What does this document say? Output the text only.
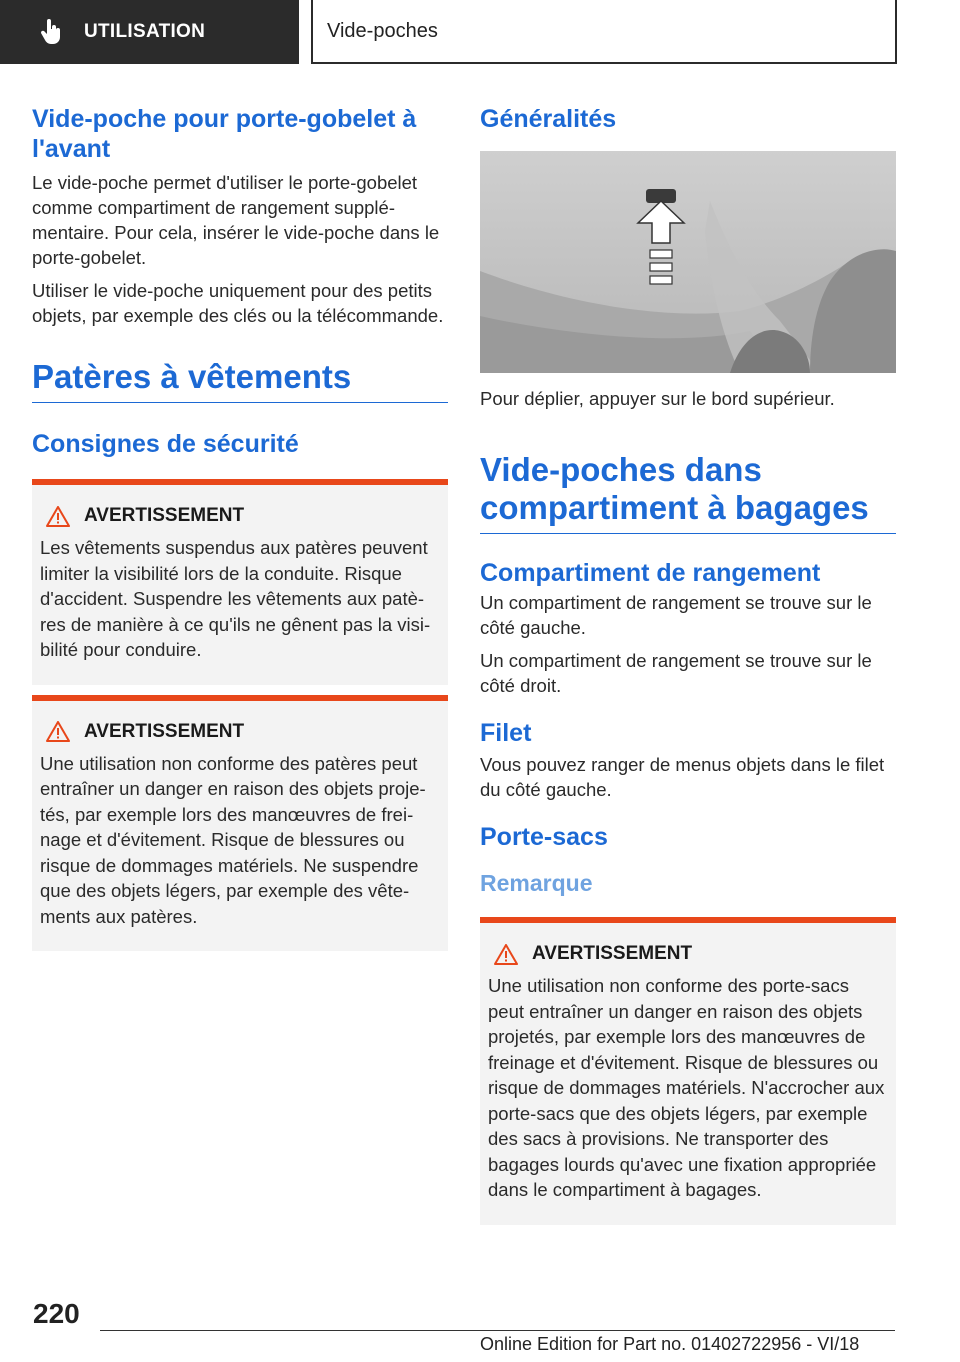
UTILISATION	Vide-poches
Vide-poche pour porte-gobelet à l'avant

Le vide-poche permet d'utiliser le porte-gobelet comme compartiment de rangement supplémentaire. Pour cela, insérer le vide-poche dans le porte-gobelet.

Utiliser le vide-poche uniquement pour des petits objets, par exemple des clés ou la télécommande.

Patères à vêtements
Consignes de sécurité
AVERTISSEMENT

Les vêtements suspendus aux patères peuvent limiter la visibilité lors de la conduite. Risque d'accident. Suspendre les vêtements aux patères de manière à ce qu'ils ne gênent pas la visibilité pour conduire.

AVERTISSEMENT

Une utilisation non conforme des patères peut entraîner un danger en raison des objets projetés, par exemple lors des manœuvres de freinage et d'évitement. Risque de blessures ou risque de dommages matériels. Ne suspendre que des objets légers, par exemple des vêtements aux patères.

Généralités

Pour déplier, appuyer sur le bord supérieur.

Vide-poches dans compartiment à bagages
Compartiment de rangement

Un compartiment de rangement se trouve sur le côté gauche.

Un compartiment de rangement se trouve sur le côté droit.

Filet

Vous pouvez ranger de menus objets dans le filet du côté gauche.

Porte-sacs
Remarque
AVERTISSEMENT

Une utilisation non conforme des porte-sacs peut entraîner un danger en raison des objets projetés, par exemple lors des manœuvres de freinage et d'évitement. Risque de blessures ou risque de dommages matériels. N'accrocher aux porte-sacs que des objets légers, par exemple des sacs à provisions. Ne transporter des bagages lourds qu'avec une fixation appropriée dans le compartiment à bagages.

220
Online Edition for Part no. 01402722956 - VI/18
